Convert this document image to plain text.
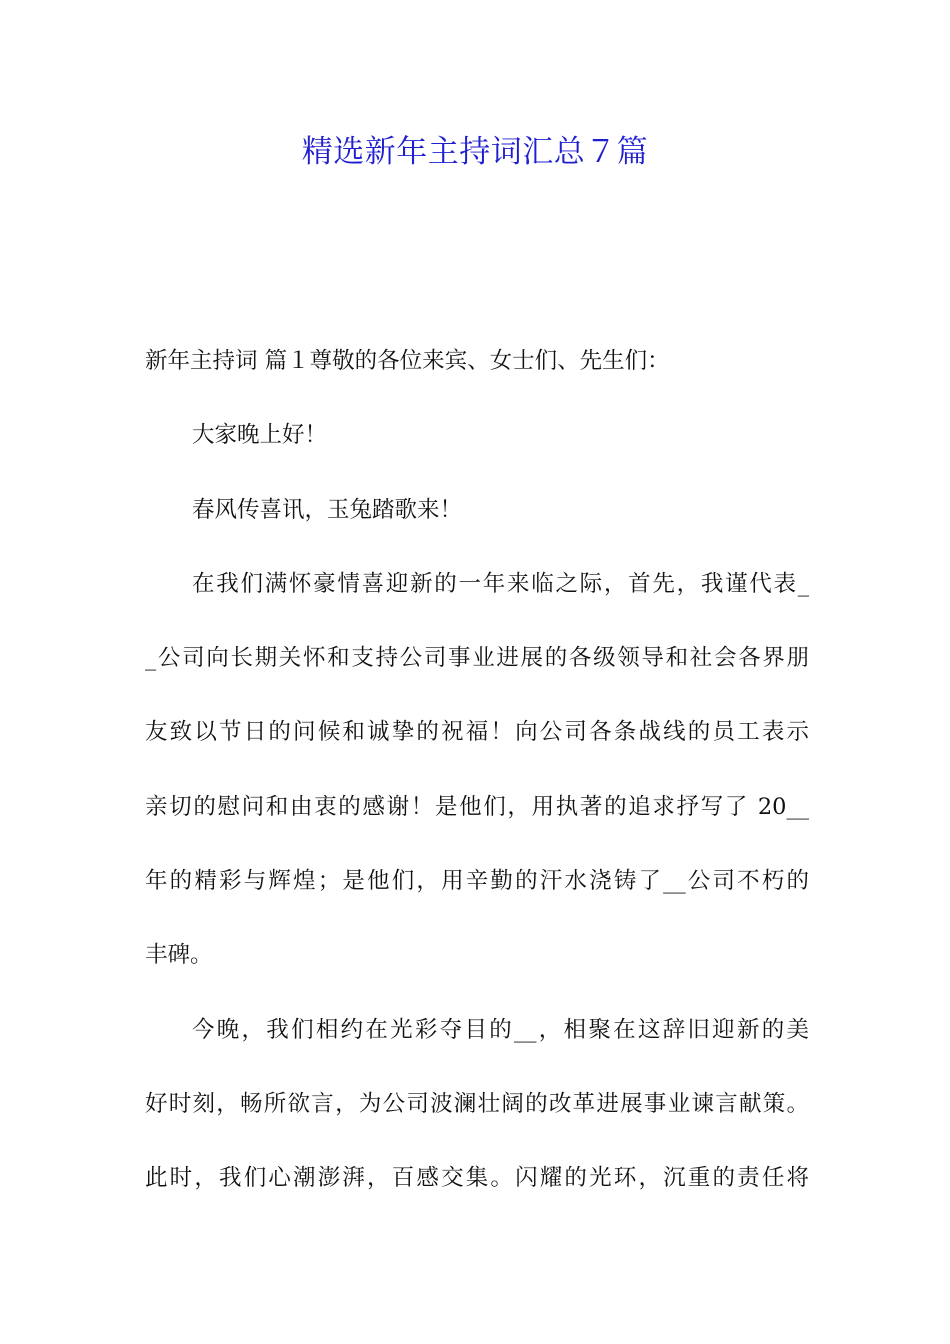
精选新年主持词汇总７篇
新年主持词 篇１尊敬的各位来宾、女士们、先生们：
大家晚上好！
春风传喜讯，玉兔踏歌来！
在我们满怀豪情喜迎新的一年来临之际，首先，我谨代表_
_公司向长期关怀和支持公司事业进展的各级领导和社会各界朋
友致以节日的问候和诚挚的祝福！向公司各条战线的员工表示
亲切的慰问和由衷的感谢！是他们，用执著的追求抒写了 20__
年的精彩与辉煌；是他们，用辛勤的汗水浇铸了__公司不朽的
丰碑。
今晚，我们相约在光彩夺目的__，相聚在这辞旧迎新的美
好时刻，畅所欲言，为公司波澜壮阔的改革进展事业谏言献策。
此时，我们心潮澎湃，百感交集。闪耀的光环，沉重的责任将
